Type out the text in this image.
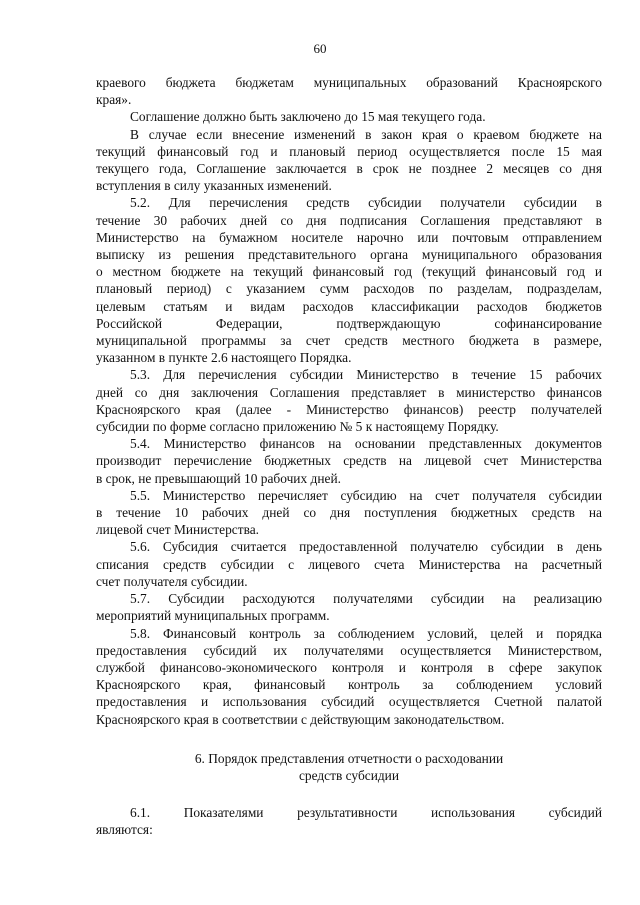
60
краевого бюджета бюджетам муниципальных образований Красноярского
края».
Соглашение должно быть заключено до 15 мая текущего года.
В случае если внесение изменений в закон края о краевом бюджете на
текущий финансовый год и плановый период осуществляется после 15 мая
текущего года, Соглашение заключается в срок не позднее 2 месяцев со дня
вступления в силу указанных изменений.
5.2. Для перечисления средств субсидии получатели субсидии в
течение 30 рабочих дней со дня подписания Соглашения представляют в
Министерство на бумажном носителе нарочно или почтовым отправлением
выписку из решения представительного органа муниципального образования
о местном бюджете на текущий финансовый год (текущий финансовый год и
плановый период) с указанием сумм расходов по разделам, подразделам,
целевым статьям и видам расходов классификации расходов бюджетов
Российской Федерации, подтверждающую софинансирование
муниципальной программы за счет средств местного бюджета в размере,
указанном в пункте 2.6 настоящего Порядка.
5.3. Для перечисления субсидии Министерство в течение 15 рабочих
дней со дня заключения Соглашения представляет в министерство финансов
Красноярского края (далее - Министерство финансов) реестр получателей
субсидии по форме согласно приложению № 5 к настоящему Порядку.
5.4. Министерство финансов на основании представленных документов
производит перечисление бюджетных средств на лицевой счет Министерства
в срок, не превышающий 10 рабочих дней.
5.5. Министерство перечисляет субсидию на счет получателя субсидии
в течение 10 рабочих дней со дня поступления бюджетных средств на
лицевой счет Министерства.
5.6. Субсидия считается предоставленной получателю субсидии в день
списания средств субсидии с лицевого счета Министерства на расчетный
счет получателя субсидии.
5.7. Субсидии расходуются получателями субсидии на реализацию
мероприятий муниципальных программ.
5.8. Финансовый контроль за соблюдением условий, целей и порядка
предоставления субсидий их получателями осуществляется Министерством,
службой финансово-экономического контроля и контроля в сфере закупок
Красноярского края, финансовый контроль за соблюдением условий
предоставления и использования субсидий осуществляется Счетной палатой
Красноярского края в соответствии с действующим законодательством.
6. Порядок представления отчетности о расходовании
средств субсидии
6.1. Показателями результативности использования субсидий
являются:
